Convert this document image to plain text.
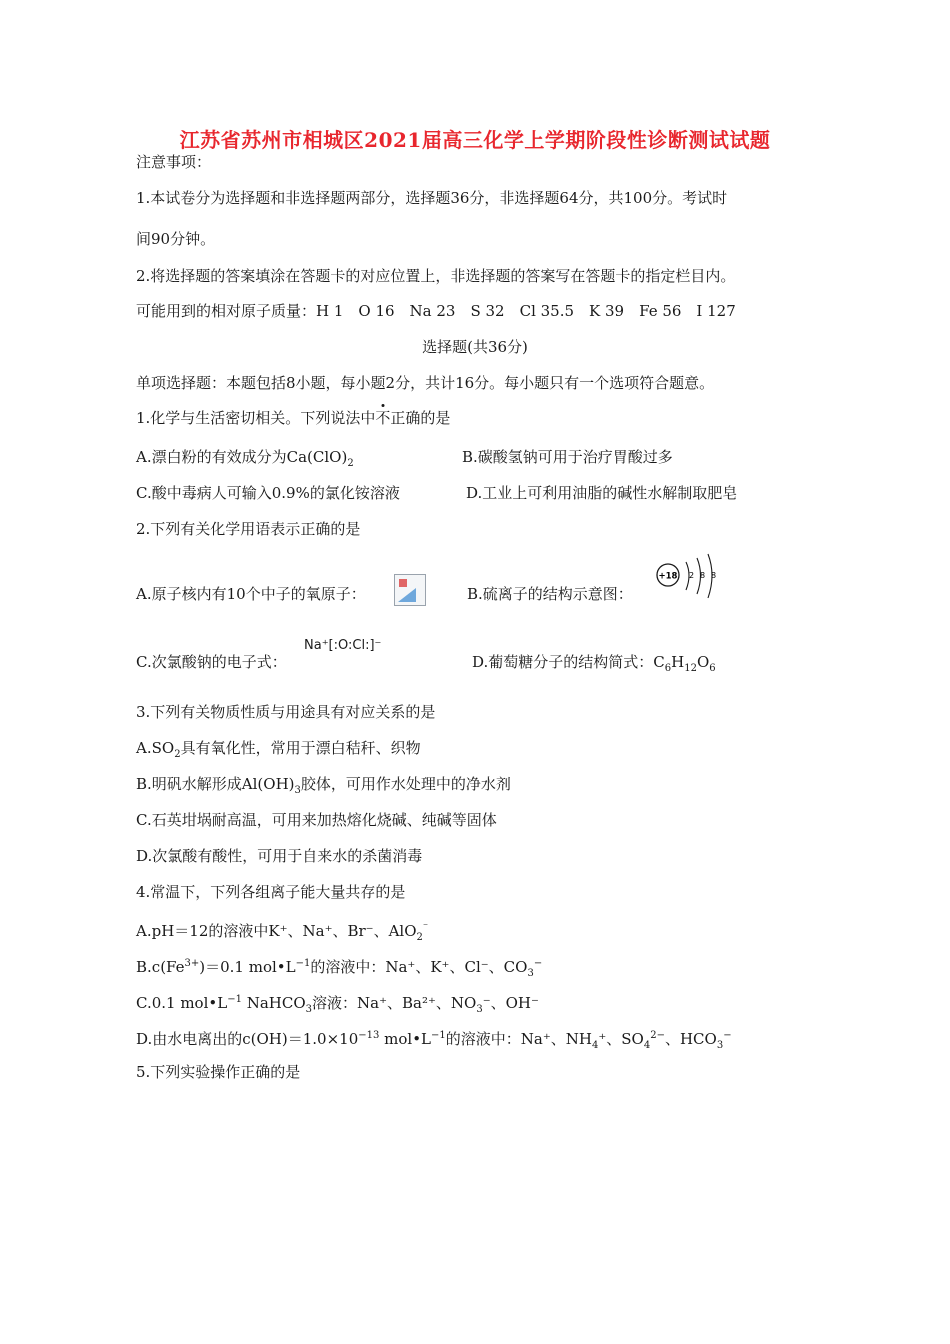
江苏省苏州市相城区2021届高三化学上学期阶段性诊断测试试题
注意事项：
1.本试卷分为选择题和非选择题两部分，选择题36分，非选择题64分，共100分。考试时
间90分钟。
2.将选择题的答案填涂在答题卡的对应位置上，非选择题的答案写在答题卡的指定栏目内。
可能用到的相对原子质量：H 1　O 16　Na 23　S 32　Cl 35.5　K 39　Fe 56　I 127
选择题(共36分)
单项选择题：本题包括8小题，每小题2分，共计16分。每小题只有一个选项符合题意。
1.化学与生活密切相关。下列说法中不正确的是
A.漂白粉的有效成分为$Ca(ClO)_2$	B.碳酸氢钠可用于治疗胃酸过多
C.酸中毒病人可输入0.9%的氯化铵溶液	D.工业上可利用油脂的碱性水解制取肥皂
2.下列有关化学用语表示正确的是
A.原子核内有10个中子的氧原子：	B.硫离子的结构示意图：
+18 2 8 8
C.次氯酸钠的电子式：
Na⁺[:O:Cl:]⁻
D.葡萄糖分子的结构简式：$C_6H_{12}O_6$
3.下列有关物质性质与用途具有对应关系的是
$A.SO_2$具有氧化性，常用于漂白秸秆、织物
B.明矾水解形成$Al(OH)_3$胶体，可用作水处理中的净水剂
C.石英坩埚耐高温，可用来加热熔化烧碱、纯碱等固体
D.次氯酸有酸性，可用于自来水的杀菌消毒
4.常温下，下列各组离子能大量共存的是
A.pH＝12的溶液中K⁺、Na⁺、Br⁻、AlO$_2$⁻
$B.c(Fe^{3+})=0.1$ $mol•L^{-1}$的溶液中：Na⁺、K⁺、Cl⁻、$CO_3^-$
C.0.1 $mol•L^{-1}$ NaHCO$_3$溶液：Na⁺、Ba²⁺、$NO_3^-$、OH⁻
D.由水电离出的$c(OH)=1.0\times 10^{-13}$ $mol•L^{-1}$的溶液中：Na⁺、$NH_4^+$、$SO_4^{2-}$、$HCO_3^-$
5.下列实验操作正确的是
